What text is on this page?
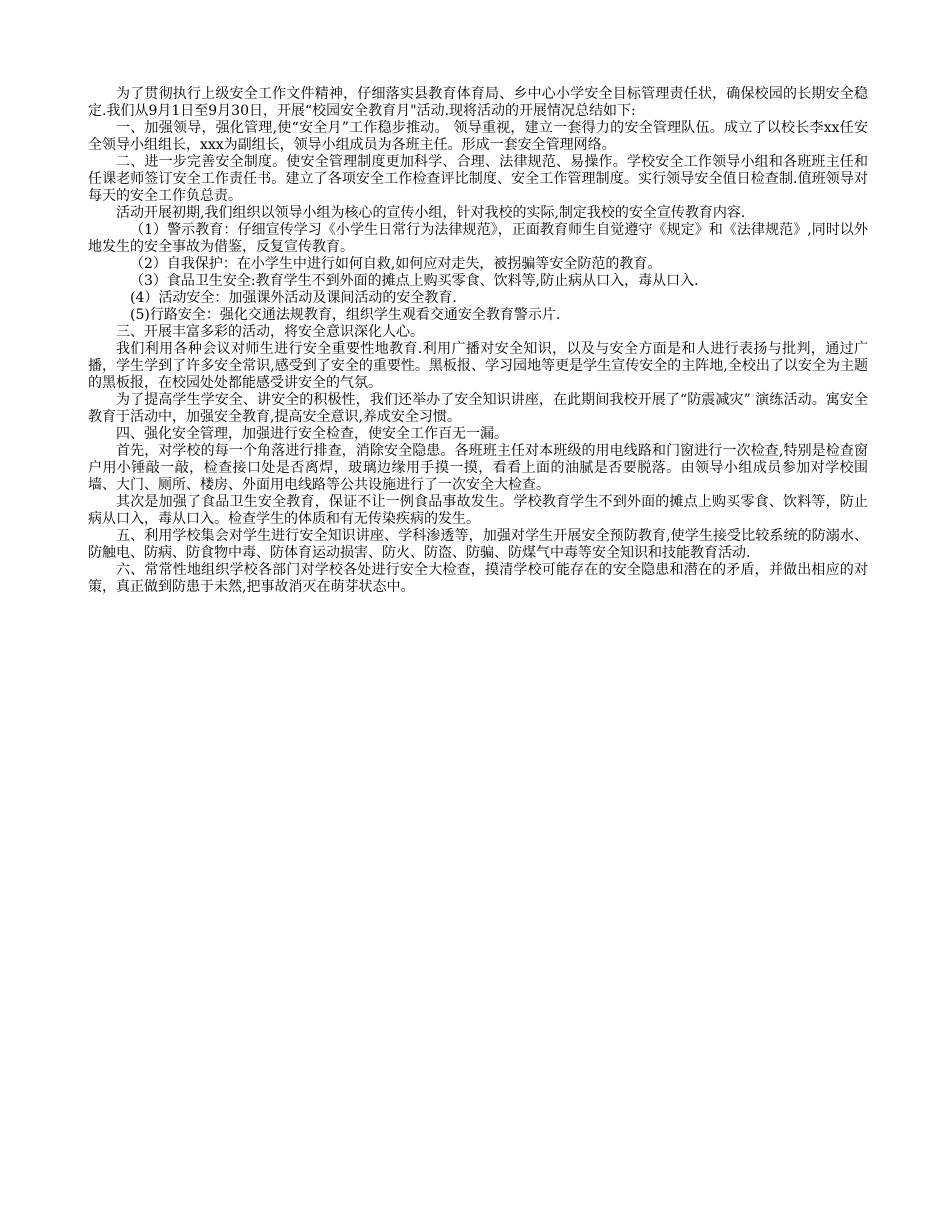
为了贯彻执行上级安全工作文件精神，仔细落实县教育体育局、乡中心小学安全目标管理责任状，确保校园的长期安全稳定.我们从9月1日至9月30日，开展“校园安全教育月"活动.现将活动的开展情况总结如下:

一、加强领导，强化管理,使“安全月”工作稳步推动。 领导重视，建立一套得力的安全管理队伍。成立了以校长李xx任安全领导小组组长，xxx为副组长，领导小组成员为各班主任。形成一套安全管理网络。

二、进一步完善安全制度。使安全管理制度更加科学、合理、法律规范、易操作。学校安全工作领导小组和各班班主任和任课老师签订安全工作责任书。建立了各项安全工作检查评比制度、安全工作管理制度。实行领导安全值日检查制.值班领导对每天的安全工作负总责。

活动开展初期,我们组织以领导小组为核心的宣传小组，针对我校的实际,制定我校的安全宣传教育内容.

（1）警示教育：仔细宣传学习《小学生日常行为法律规范》，正面教育师生自觉遵守《规定》和《法律规范》,同时以外地发生的安全事故为借鉴，反复宣传教育。

（2）自我保护：在小学生中进行如何自救,如何应对走失，被拐骗等安全防范的教育。

（3）食品卫生安全:教育学生不到外面的摊点上购买零食、饮料等,防止病从口入，毒从口入.

(4）活动安全：加强课外活动及课间活动的安全教育.

(5)行路安全：强化交通法规教育，组织学生观看交通安全教育警示片.

三、开展丰富多彩的活动，将安全意识深化人心。

我们利用各种会议对师生进行安全重要性地教育.利用广播对安全知识，以及与安全方面是和人进行表扬与批判，通过广播，学生学到了许多安全常识,感受到了安全的重要性。黑板报、学习园地等更是学生宣传安全的主阵地,全校出了以安全为主题的黑板报，在校园处处都能感受讲安全的气氛。

为了提高学生学安全、讲安全的积极性，我们还举办了安全知识讲座，在此期间我校开展了“防震减灾” 演练活动。寓安全教育于活动中，加强安全教育,提高安全意识,养成安全习惯。

四、强化安全管理，加强进行安全检查，使安全工作百无一漏。

首先，对学校的每一个角落进行排查，消除安全隐患。各班班主任对本班级的用电线路和门窗进行一次检查,特别是检查窗户用小锤敲一敲，检查接口处是否离焊，玻璃边缘用手摸一摸，看看上面的油腻是否要脱落。由领导小组成员参加对学校围墙、大门、厕所、楼房、外面用电线路等公共设施进行了一次安全大检查。

其次是加强了食品卫生安全教育，保证不让一例食品事故发生。学校教育学生不到外面的摊点上购买零食、饮料等，防止病从口入，毒从口入。检查学生的体质和有无传染疾病的发生。

五、利用学校集会对学生进行安全知识讲座、学科渗透等，加强对学生开展安全预防教育,使学生接受比较系统的防溺水、防触电、防病、防食物中毒、防体育运动损害、防火、防盗、防骗、防煤气中毒等安全知识和技能教育活动.

六、常常性地组织学校各部门对学校各处进行安全大检查，摸清学校可能存在的安全隐患和潜在的矛盾，并做出相应的对策，真正做到防患于未然,把事故消灭在萌芽状态中。
